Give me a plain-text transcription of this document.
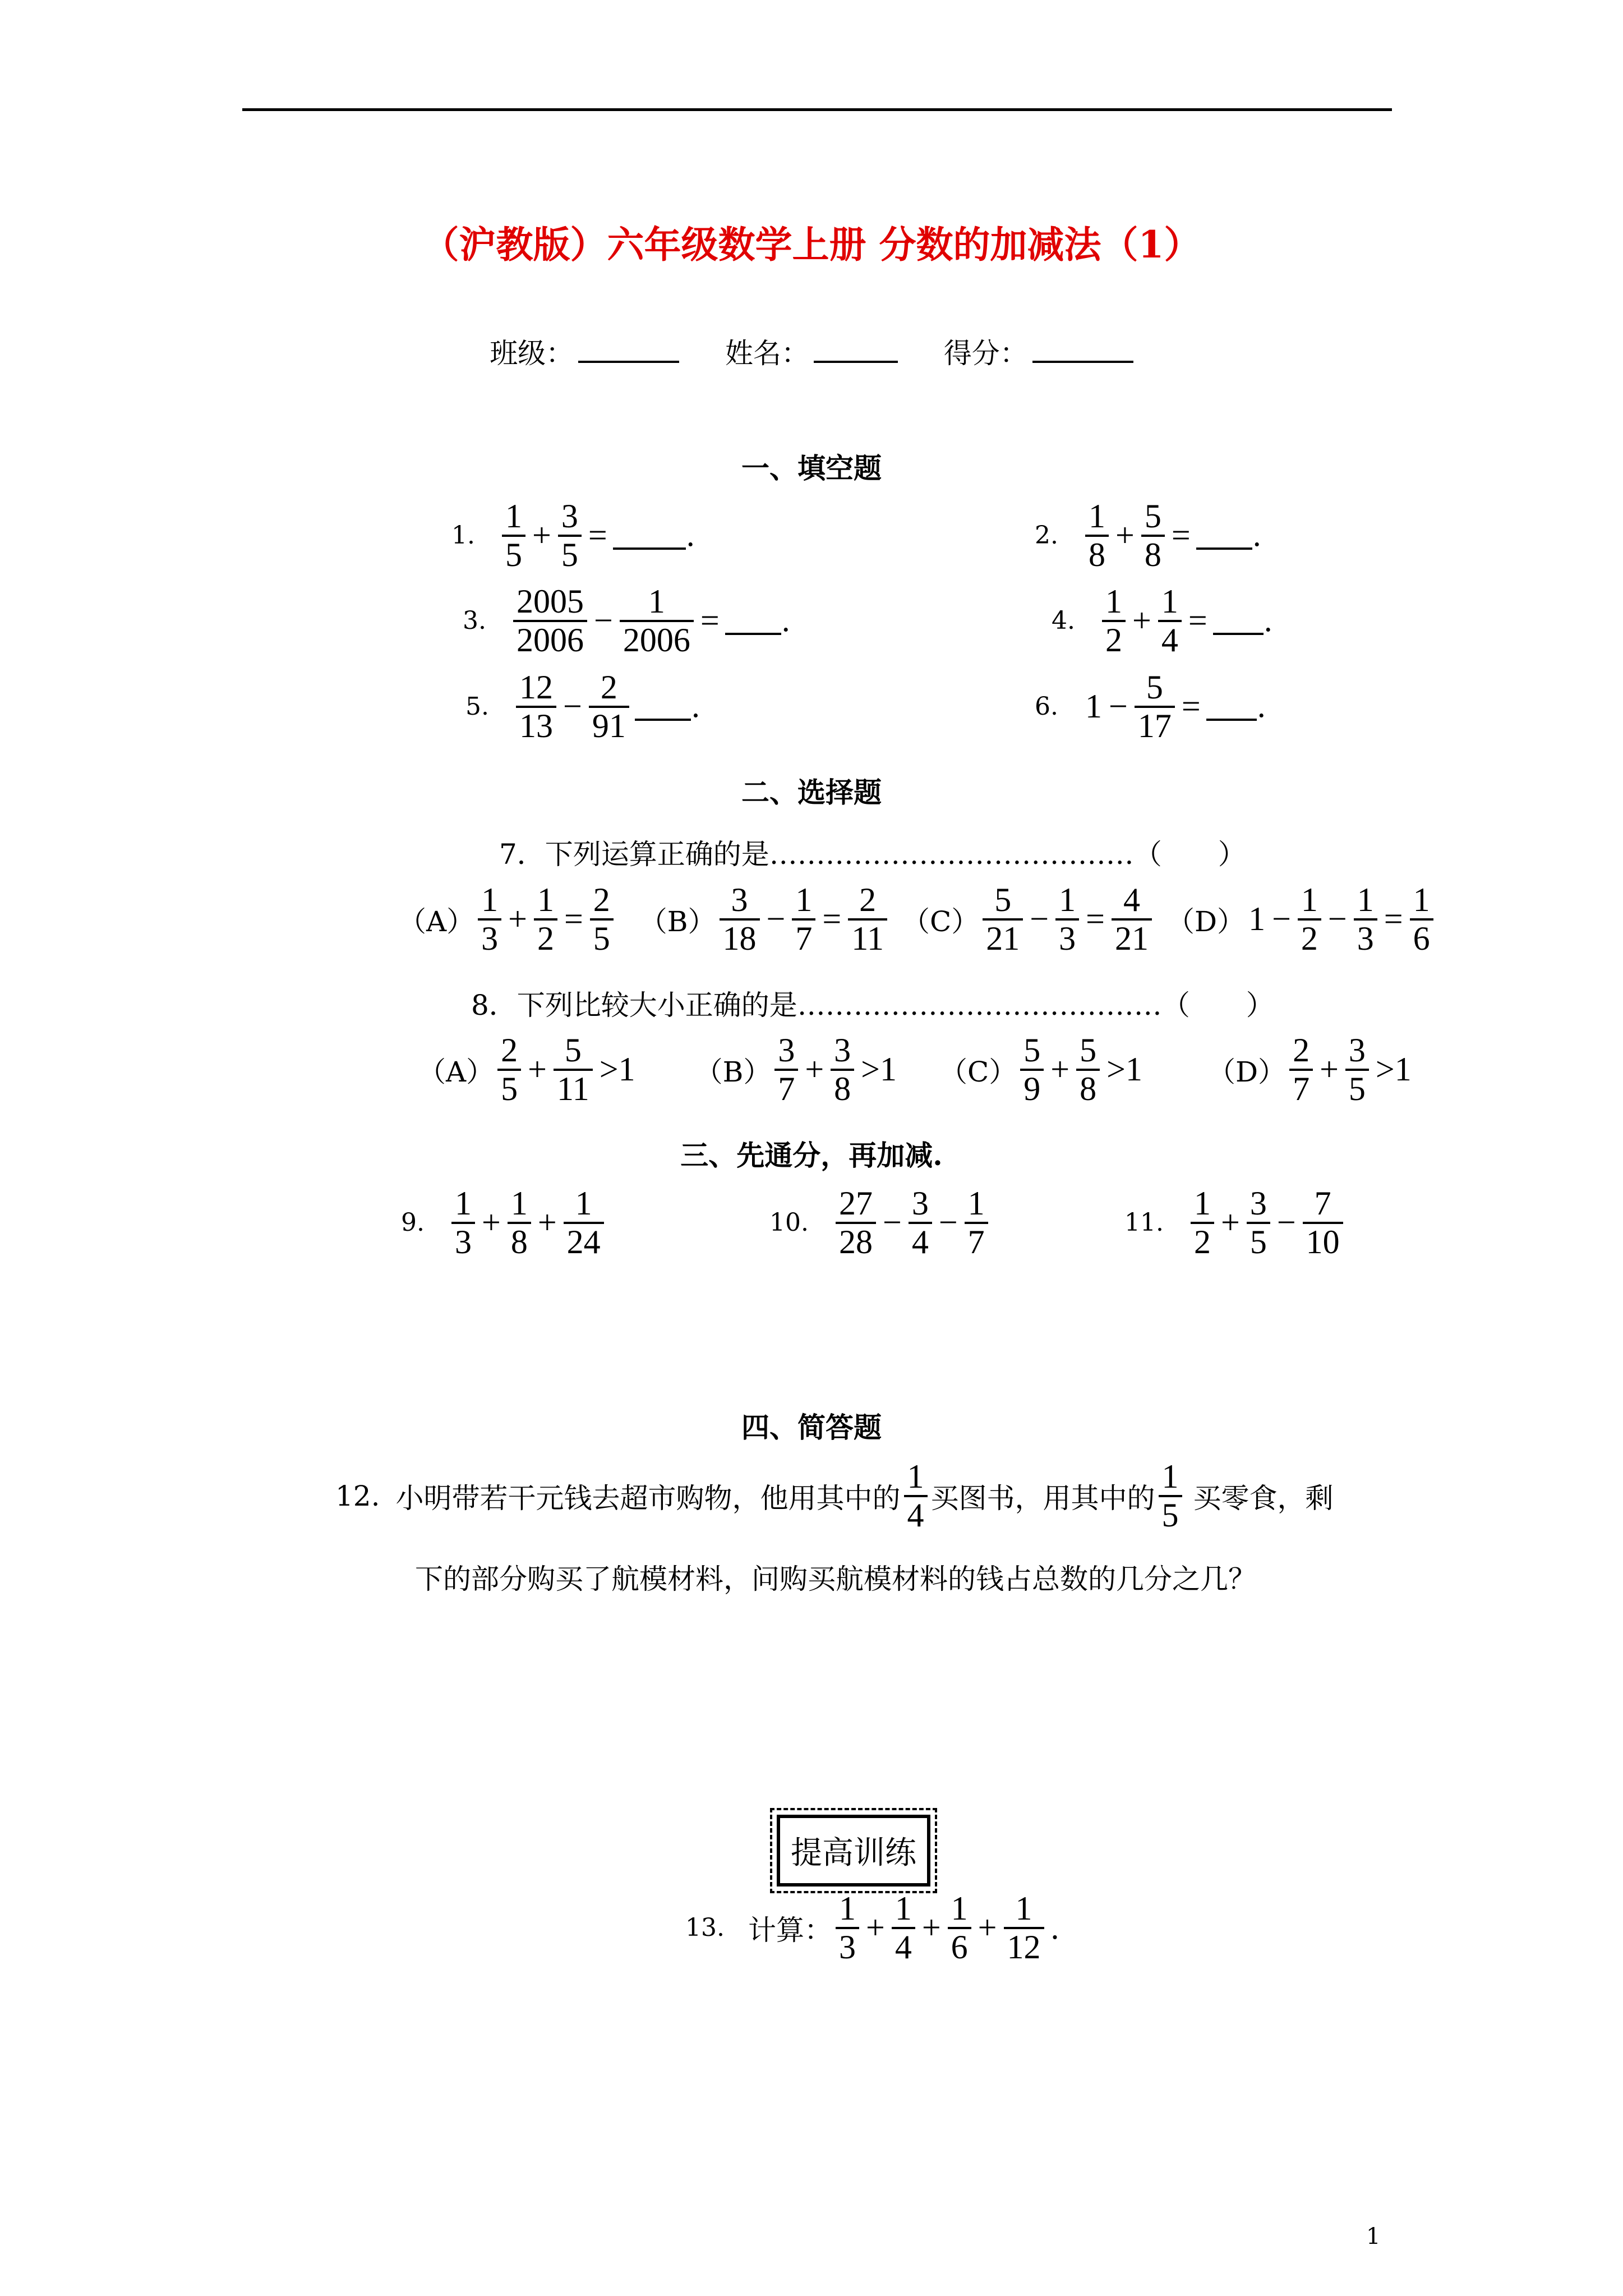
（沪教版）六年级数学上册 分数的加减法（1）
班级：	姓名：	得分：
一、填空题
1. $\frac{1}{5} + \frac{3}{5}$ =	.	2. $\frac{1}{8} + \frac{5}{8}$ = .
3. $\frac{2005}{2006} - \frac{1}{2006}$ = .	4. $\frac{1}{2} + \frac{1}{4}$ = .
5. $\frac{12}{13} - \frac{2}{91}$ .	6. $1 - \frac{5}{17}$ = .
二、选择题
7．下列运算正确的是………………………………… （　　）
$(A) \frac{1}{3} + \frac{1}{2} = \frac{2}{5} (B) \frac{3}{18} - \frac{1}{7} = \frac{2}{11} (C) \frac{5}{21} - \frac{1}{3} = \frac{4}{21} (D) 1 - \frac{1}{2} - \frac{1}{3} = \frac{1}{6}$
8．下列比较大小正确的是………………………………… （　　）
$(A) \frac{2}{5} + \frac{5}{11} >1$ $(B) \frac{3}{7} + \frac{3}{8} >1$ $(C) \frac{5}{9} + \frac{5}{8} >1$ $(D) \frac{2}{7} + \frac{3}{5} >1$
三、先通分，再加减.
9. $\frac{1}{3} + \frac{1}{8} + \frac{1}{24}$	10. $\frac{27}{28} - \frac{3}{4} - \frac{1}{7}$	11. $\frac{1}{2} + \frac{3}{5} - \frac{7}{10}$
四、简答题
12. 小明带若干元钱去超市购物，他用其中的 $\frac{1}{4}$ 买图书，用其中的 $\frac{1}{5}$ 买零食，剩
下的部分购买了航模材料，问购买航模材料的钱占总数的几分之几？
提高训练
13. 计算： $\frac{1}{3} + \frac{1}{4} + \frac{1}{6} + \frac{1}{12}$ .
1
